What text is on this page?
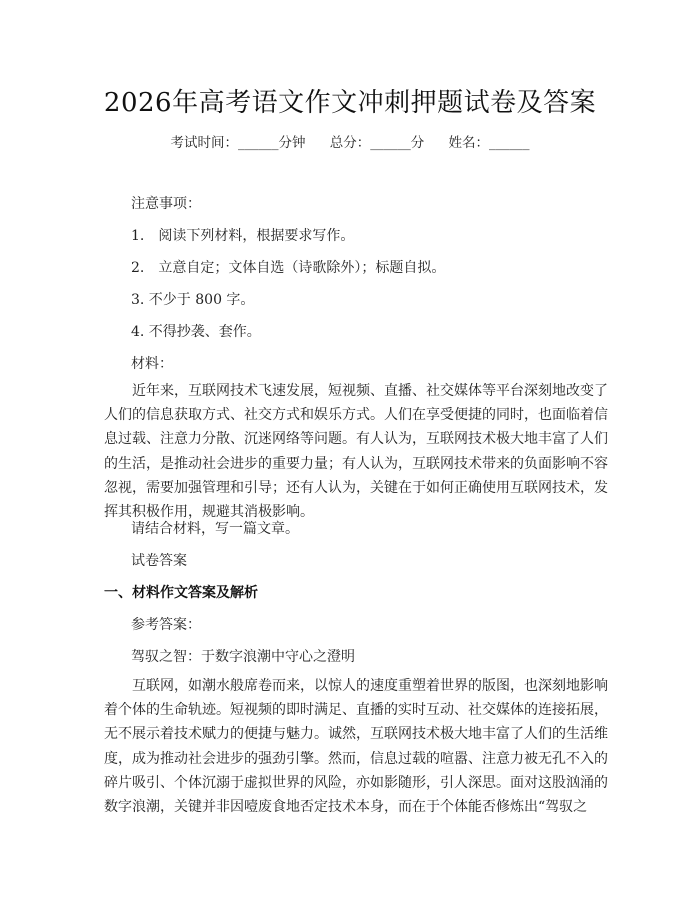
2026年高考语文作文冲刺押题试卷及答案
考试时间：______分钟 总分：______分 姓名：______
注意事项：
1.　阅读下列材料，根据要求写作。
2.　立意自定；文体自选（诗歌除外）；标题自拟。
3. 不少于 800 字。
4. 不得抄袭、套作。
材料：
　　近年来，互联网技术飞速发展，短视频、直播、社交媒体等平台深刻地改变了
人们的信息获取方式、社交方式和娱乐方式。人们在享受便捷的同时，也面临着信
息过载、注意力分散、沉迷网络等问题。有人认为，互联网技术极大地丰富了人们
的生活，是推动社会进步的重要力量；有人认为，互联网技术带来的负面影响不容
忽视，需要加强管理和引导；还有人认为，关键在于如何正确使用互联网技术，发
挥其积极作用，规避其消极影响。
请结合材料，写一篇文章。
试卷答案
一、材料作文答案及解析
参考答案：
驾驭之智：于数字浪潮中守心之澄明
　　互联网，如潮水般席卷而来，以惊人的速度重塑着世界的版图，也深刻地影响
着个体的生命轨迹。短视频的即时满足、直播的实时互动、社交媒体的连接拓展，
无不展示着技术赋力的便捷与魅力。诚然，互联网技术极大地丰富了人们的生活维
度，成为推动社会进步的强劲引擎。然而，信息过载的喧嚣、注意力被无孔不入的
碎片吸引、个体沉溺于虚拟世界的风险，亦如影随形，引人深思。面对这股汹涌的
数字浪潮，关键并非因噎废食地否定技术本身，而在于个体能否修炼出“驾驭之
